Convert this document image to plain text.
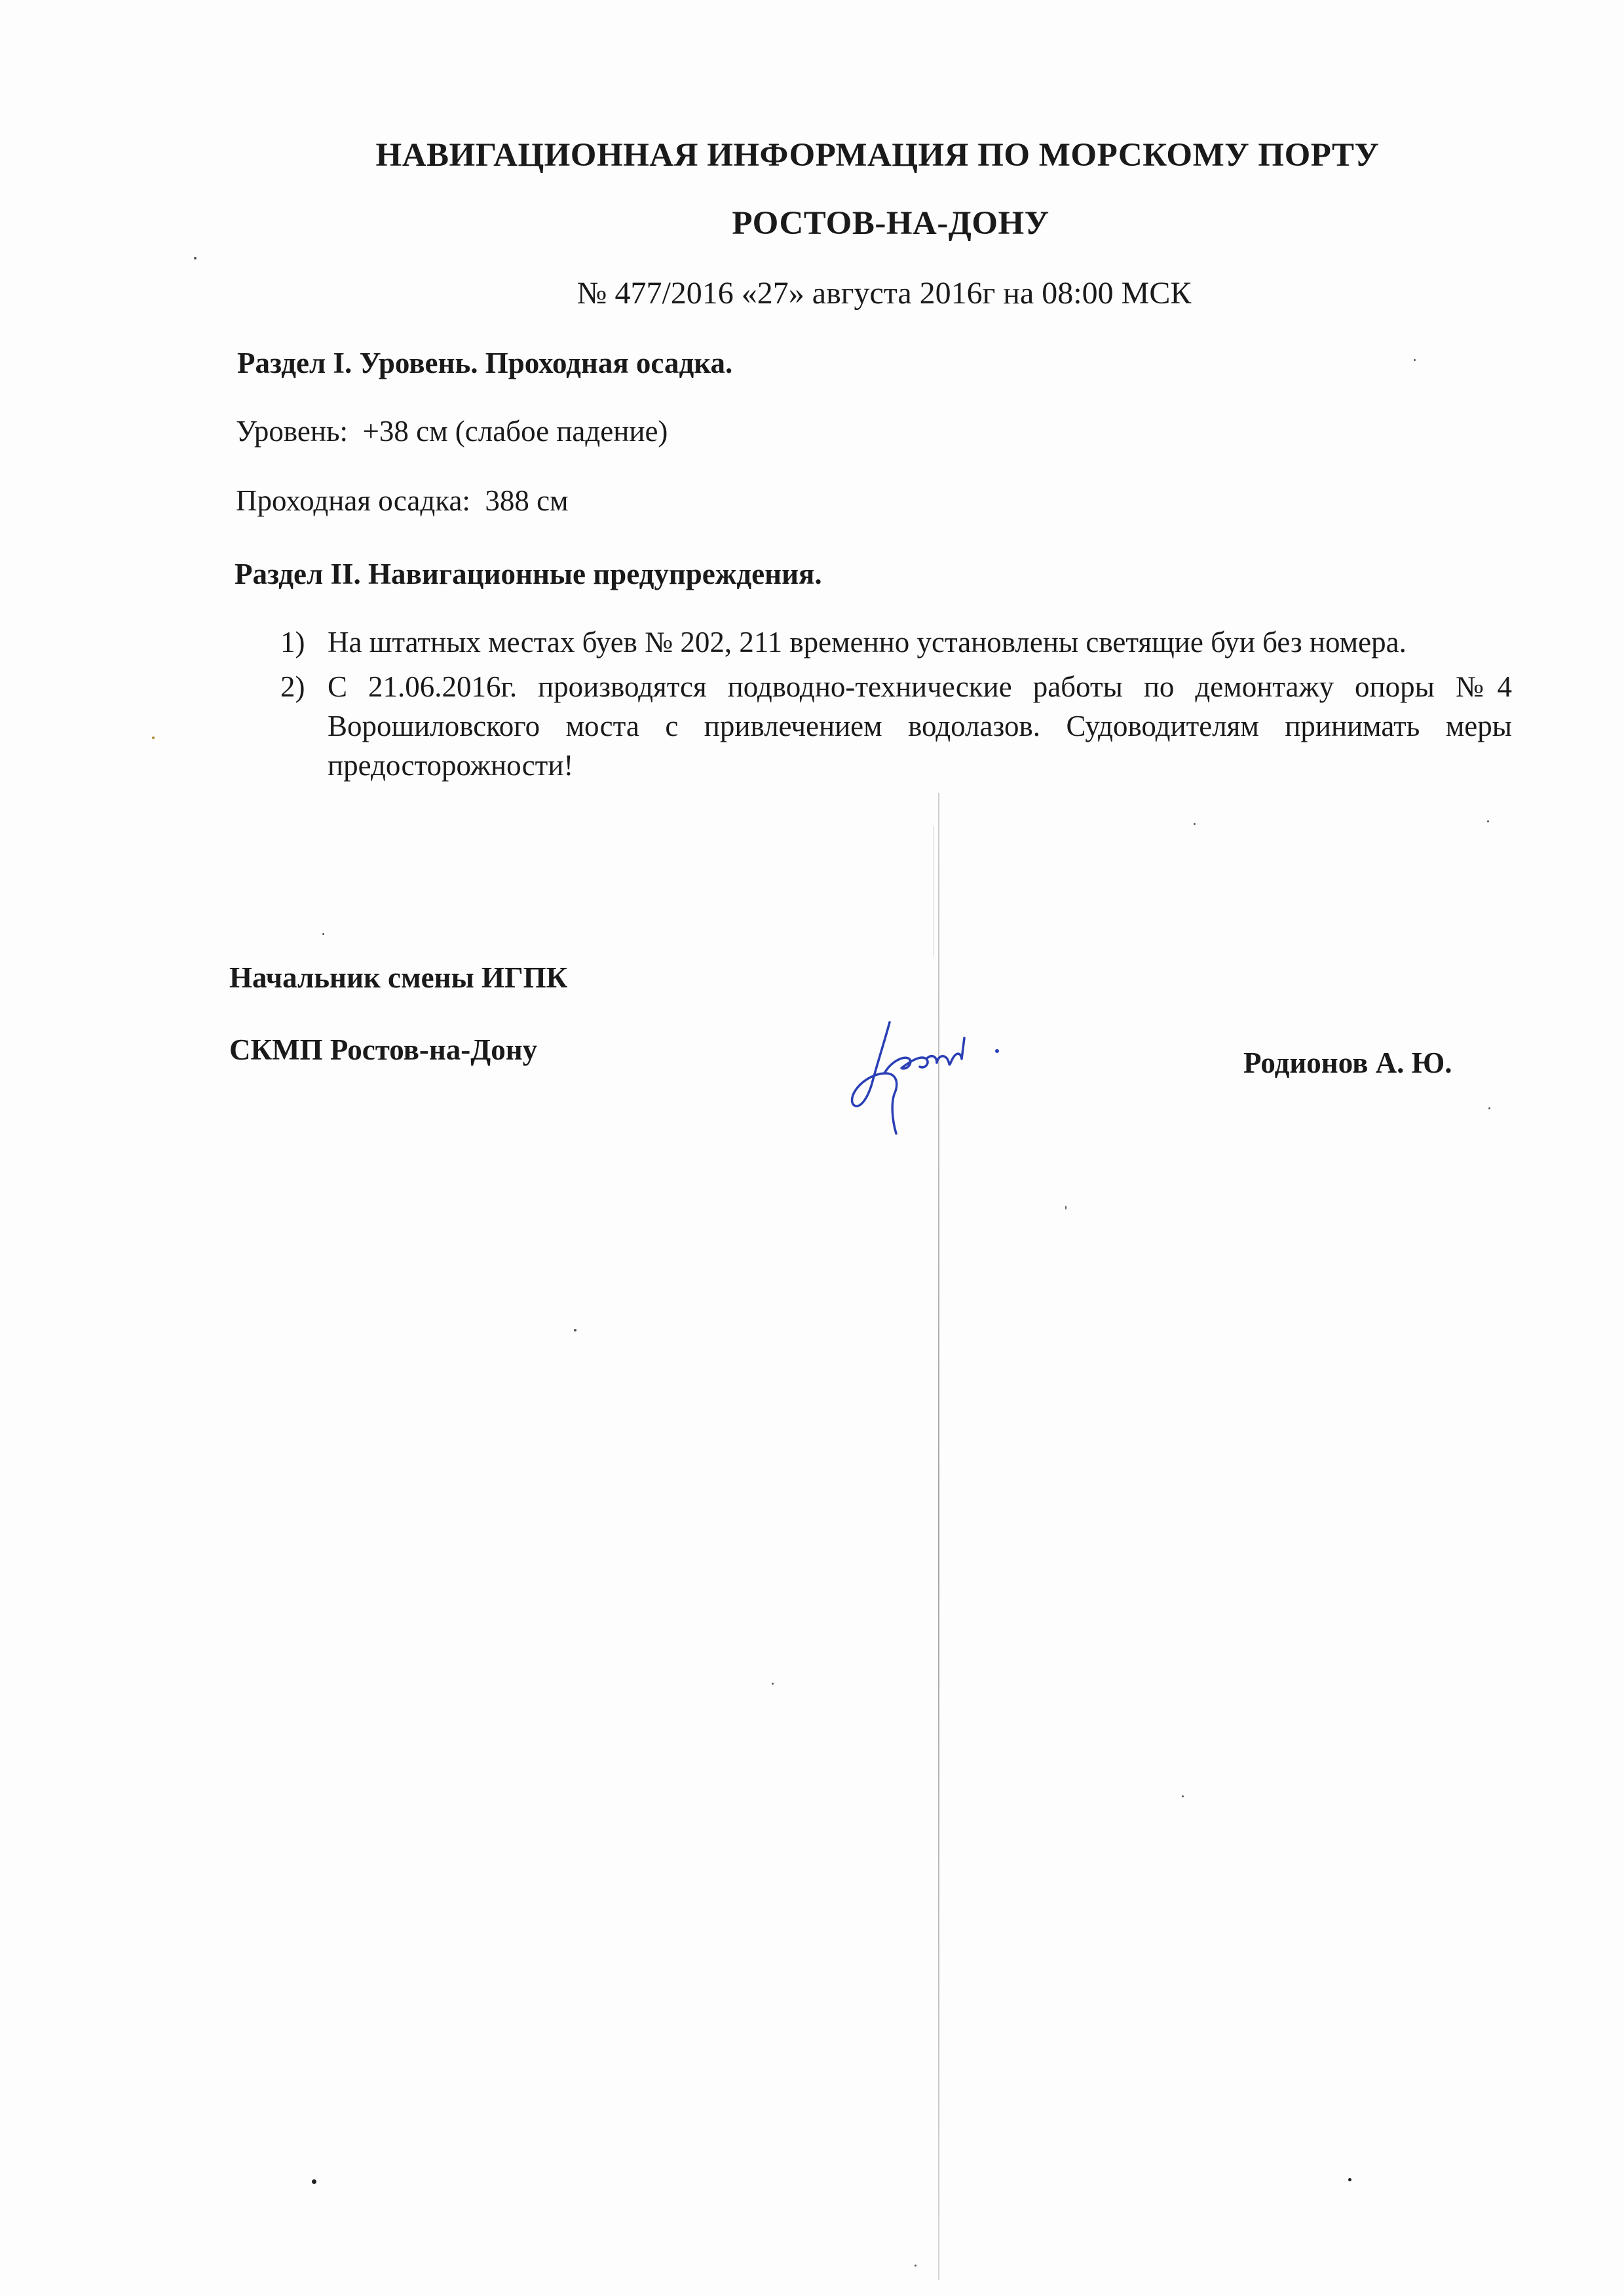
НАВИГАЦИОННАЯ ИНФОРМАЦИЯ ПО МОРСКОМУ ПОРТУ
РОСТОВ-НА-ДОНУ
№ 477/2016 «27» августа 2016г на 08:00 МСК
Раздел I. Уровень. Проходная осадка.
Уровень:  +38 см (слабое падение)
Проходная осадка:  388 см
Раздел II. Навигационные предупреждения.
1) На штатных местах буев № 202, 211 временно установлены светящие буи без номера.
2) С 21.06.2016г. производятся подводно-технические работы по демонтажу опоры №4 Ворошиловского моста с привлечением водолазов. Судоводителям принимать меры предосторожности!
Начальник смены ИГПК
СКМП Ростов-на-Дону	Родионов А. Ю.
